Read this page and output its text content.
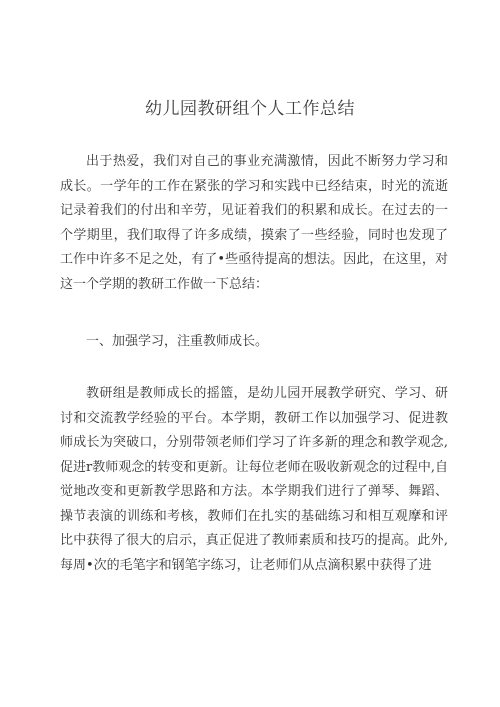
幼儿园教研组个人工作总结

出于热爱，我们对自己的事业充满激情，因此不断努力学习和成长。一学年的工作在紧张的学习和实践中已经结束，时光的流逝记录着我们的付出和辛劳，见证着我们的积累和成长。在过去的一个学期里，我们取得了许多成绩，摸索了一些经验，同时也发现了工作中许多不足之处，有了•些亟待提高的想法。因此，在这里，对这一个学期的教研工作做一下总结：

一、加强学习，注重教师成长。

教研组是教师成长的摇篮，是幼儿园开展教学研究、学习、研讨和交流教学经验的平台。本学期，教研工作以加强学习、促进教师成长为突破口，分别带领老师们学习了许多新的理念和教学观念,促进r教师观念的转变和更新。让每位老师在吸收新观念的过程中,自觉地改变和更新教学思路和方法。本学期我们进行了弹琴、舞蹈、操节表演的训练和考核，教师们在扎实的基础练习和相互观摩和评比中获得了很大的启示，真正促进了教师素质和技巧的提高。此外,每周•次的毛笔字和钢笔字练习，让老师们从点滴积累中获得了进
